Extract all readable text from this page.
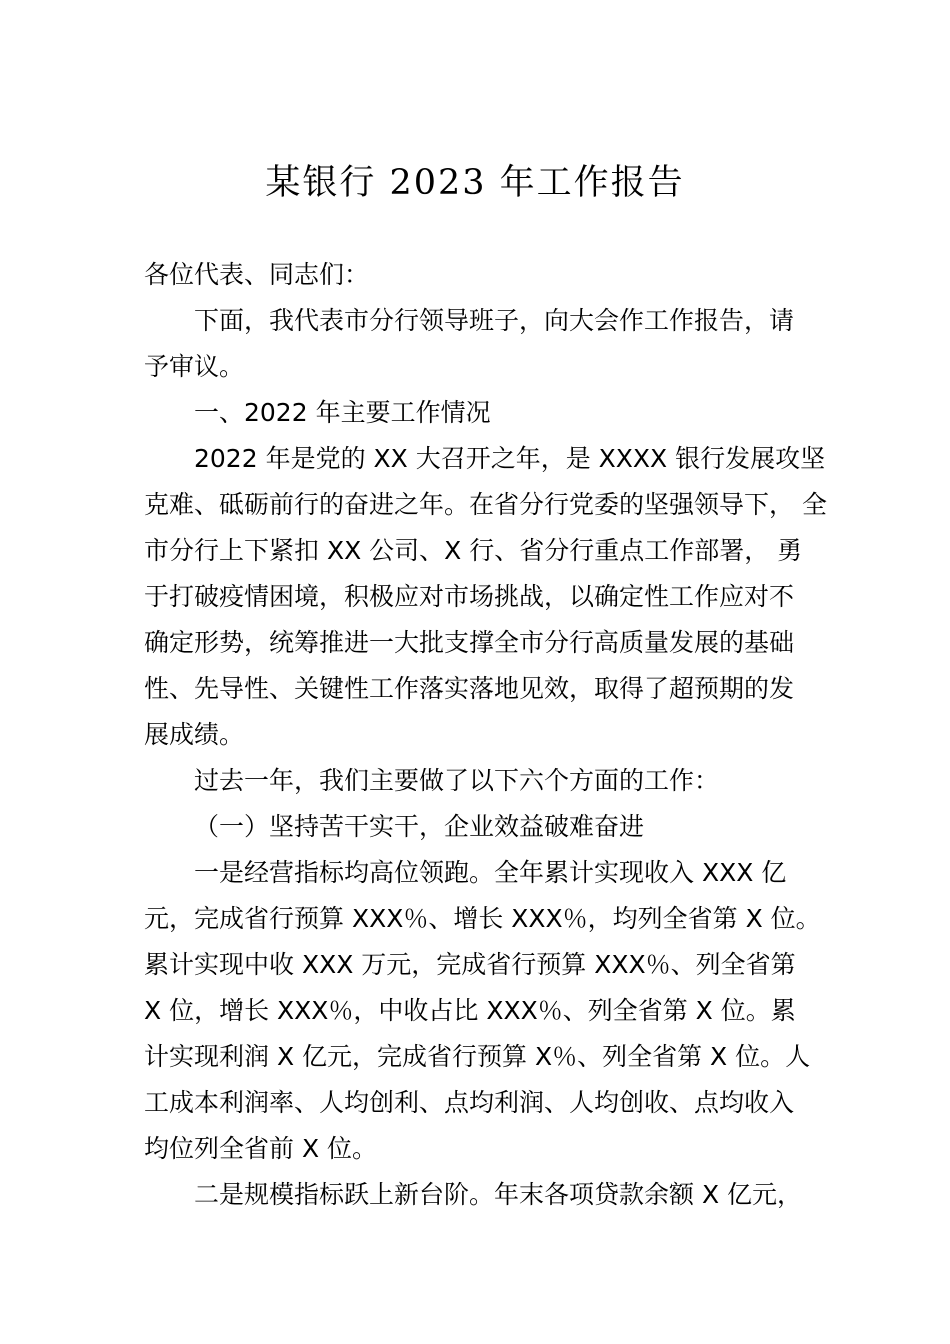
某银行 2023 年工作报告
各位代表、同志们：
下面，我代表市分行领导班子，向大会作工作报告，请
予审议。
一、2022 年主要工作情况
2022 年是党的 XX 大召开之年，是 XXXX 银行发展攻坚
克难、砥砺前行的奋进之年。在省分行党委的坚强领导下， 全
市分行上下紧扣 XX 公司、X 行、省分行重点工作部署， 勇
于打破疫情困境，积极应对市场挑战，以确定性工作应对不
确定形势，统筹推进一大批支撑全市分行高质量发展的基础
性、先导性、关键性工作落实落地见效，取得了超预期的发
展成绩。
过去一年，我们主要做了以下六个方面的工作：
（一）坚持苦干实干，企业效益破难奋进
一是经营指标均高位领跑。全年累计实现收入 XXX 亿
元，完成省行预算 XXX％、增长 XXX％，均列全省第 X 位。
累计实现中收 XXX 万元，完成省行预算 XXX％、列全省第
X 位，增长 XXX％，中收占比 XXX％、列全省第 X 位。累
计实现利润 X 亿元，完成省行预算 X％、列全省第 X 位。人
工成本利润率、人均创利、点均利润、人均创收、点均收入
均位列全省前 X 位。
二是规模指标跃上新台阶。年末各项贷款余额 X 亿元，
